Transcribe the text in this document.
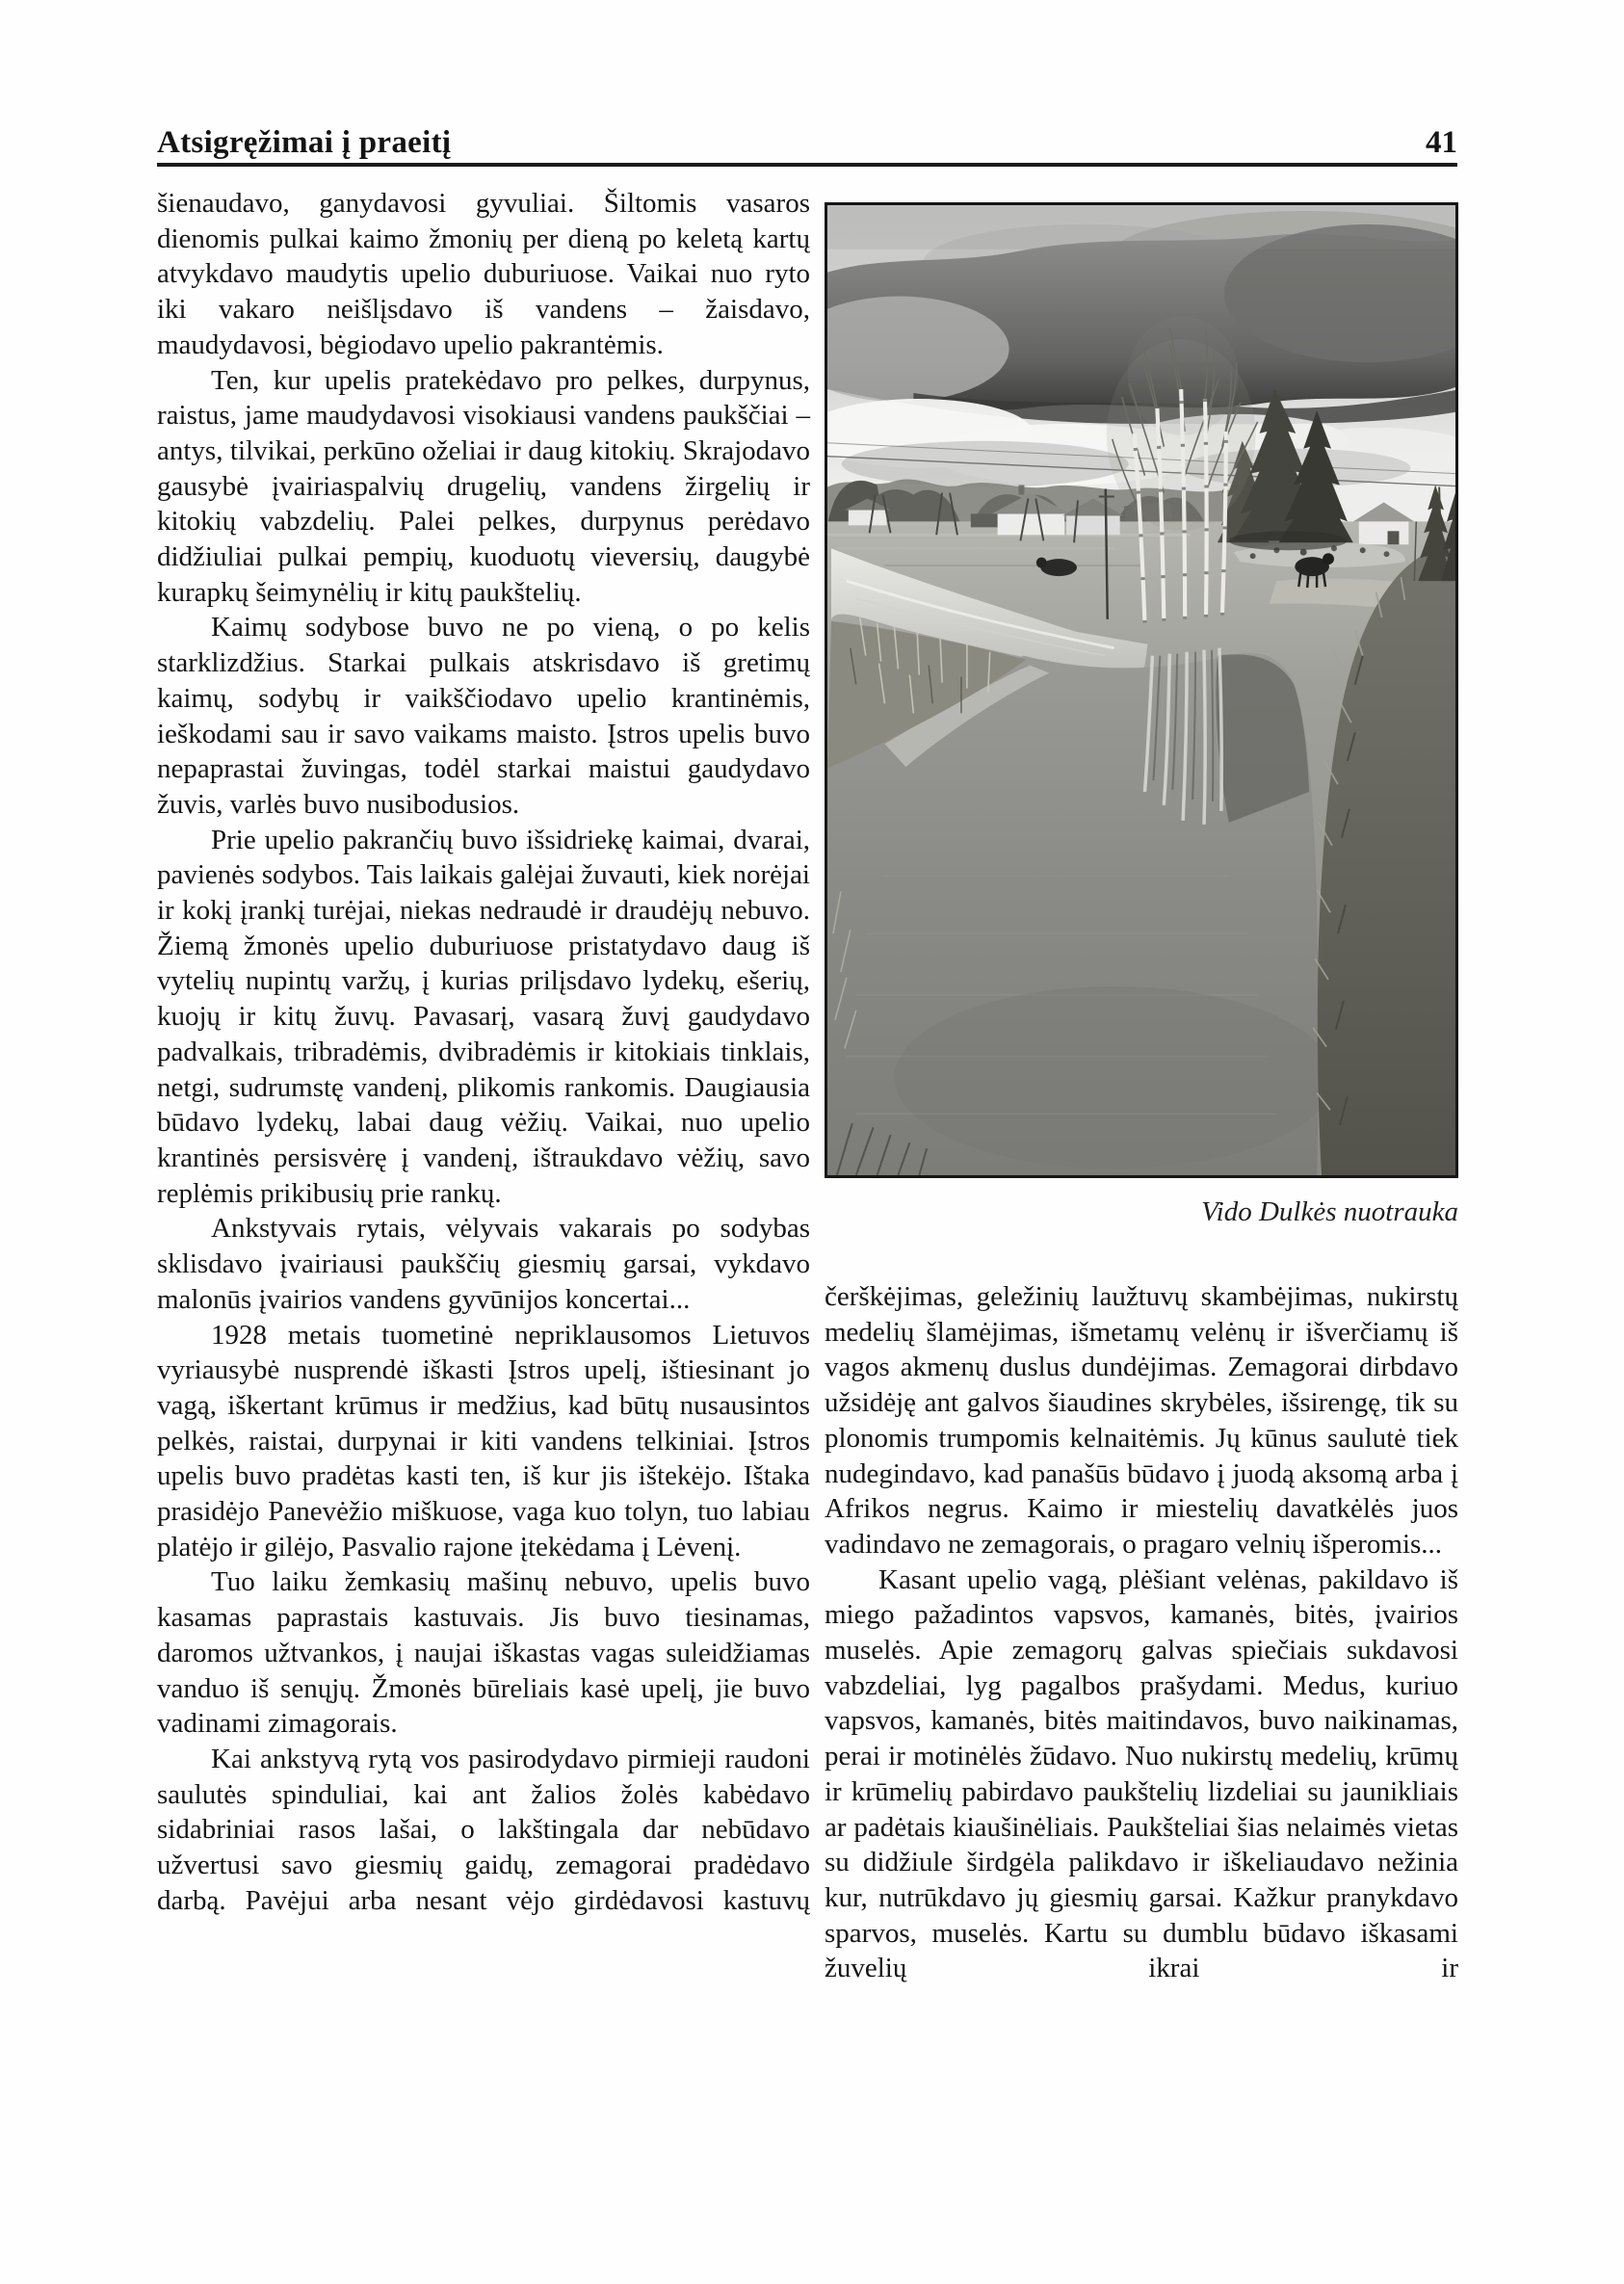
Atsigręžimai į praeitį	41

šienaudavo, ganydavosi gyvuliai. Šiltomis vasaros dienomis pulkai kaimo žmonių per dieną po keletą kartų atvykdavo maudytis upelio duburiuose. Vaikai nuo ryto iki vakaro neišlįsdavo iš vandens – žaisdavo, maudydavosi, bėgiodavo upelio pakrantėmis.

Ten, kur upelis pratekėdavo pro pelkes, durpynus, raistus, jame maudydavosi visokiausi vandens paukščiai – antys, tilvikai, perkūno oželiai ir daug kitokių. Skrajodavo gausybė įvairiaspalvių drugelių, vandens žirgelių ir kitokių vabzdelių. Palei pelkes, durpynus perėdavo didžiuliai pulkai pempių, kuoduotų vieversių, daugybė kurapkų šeimynėlių ir kitų paukštelių.

Kaimų sodybose buvo ne po vieną, o po kelis starklizdžius. Starkai pulkais atskrisdavo iš gretimų kaimų, sodybų ir vaikščiodavo upelio krantinėmis, ieškodami sau ir savo vaikams maisto. Įstros upelis buvo nepaprastai žuvingas, todėl starkai maistui gaudydavo žuvis, varlės buvo nusibodusios.

Prie upelio pakrančių buvo išsidriekę kaimai, dvarai, pavienės sodybos. Tais laikais galėjai žuvauti, kiek norėjai ir kokį įrankį turėjai, niekas nedraudė ir draudėjų nebuvo. Žiemą žmonės upelio duburiuose pristatydavo daug iš vytelių nupintų varžų, į kurias prilįsdavo lydekų, ešerių, kuojų ir kitų žuvų. Pavasarį, vasarą žuvį gaudydavo padvalkais, tribradėmis, dvibradėmis ir kitokiais tinklais, netgi, sudrumstę vandenį, plikomis rankomis. Daugiausia būdavo lydekų, labai daug vėžių. Vaikai, nuo upelio krantinės persisvėrę į vandenį, ištraukdavo vėžių, savo replėmis prikibusių prie rankų.

Ankstyvais rytais, vėlyvais vakarais po sodybas sklisdavo įvairiausi paukščių giesmių garsai, vykdavo malonūs įvairios vandens gyvūnijos koncertai...

1928 metais tuometinė nepriklausomos Lietuvos vyriausybė nusprendė iškasti Įstros upelį, ištiesinant jo vagą, iškertant krūmus ir medžius, kad būtų nusausintos pelkės, raistai, durpynai ir kiti vandens telkiniai. Įstros upelis buvo pradėtas kasti ten, iš kur jis ištekėjo. Ištaka prasidėjo Panevėžio miškuose, vaga kuo tolyn, tuo labiau platėjo ir gilėjo, Pasvalio rajone įtekėdama į Lėvenį.

Tuo laiku žemkasių mašinų nebuvo, upelis buvo kasamas paprastais kastuvais. Jis buvo tiesinamas, daromos užtvankos, į naujai iškastas vagas suleidžiamas vanduo iš senųjų. Žmonės būreliais kasė upelį, jie buvo vadinami zimagorais.

Kai ankstyvą rytą vos pasirodydavo pirmieji raudoni saulutės spinduliai, kai ant žalios žolės kabėdavo sidabriniai rasos lašai, o lakštingala dar nebūdavo užvertusi savo giesmių gaidų, zemagorai pradėdavo darbą. Pavėjui arba nesant vėjo girdėdavosi kastuvų

Vido Dulkės nuotrauka

čerškėjimas, geležinių laužtuvų skambėjimas, nukirstų medelių šlamėjimas, išmetamų velėnų ir išverčiamų iš vagos akmenų duslus dundėjimas. Zemagorai dirbdavo užsidėję ant galvos šiaudines skrybėles, išsirengę, tik su plonomis trumpomis kelnaitėmis. Jų kūnus saulutė tiek nudegindavo, kad panašūs būdavo į juodą aksomą arba į Afrikos negrus. Kaimo ir miestelių davatkėlės juos vadindavo ne zemagorais, o pragaro velnių išperomis...

Kasant upelio vagą, plėšiant velėnas, pakildavo iš miego pažadintos vapsvos, kamanės, bitės, įvairios muselės. Apie zemagorų galvas spiečiais sukdavosi vabzdeliai, lyg pagalbos prašydami. Medus, kuriuo vapsvos, kamanės, bitės maitindavos, buvo naikinamas, perai ir motinėlės žūdavo. Nuo nukirstų medelių, krūmų ir krūmelių pabirdavo paukštelių lizdeliai su jaunikliais ar padėtais kiaušinėliais. Paukšteliai šias nelaimės vietas su didžiule širdgėla palikdavo ir iškeliaudavo nežinia kur, nutrūkdavo jų giesmių garsai. Kažkur pranykdavo sparvos, muselės. Kartu su dumblu būdavo iškasami žuvelių ikrai ir
